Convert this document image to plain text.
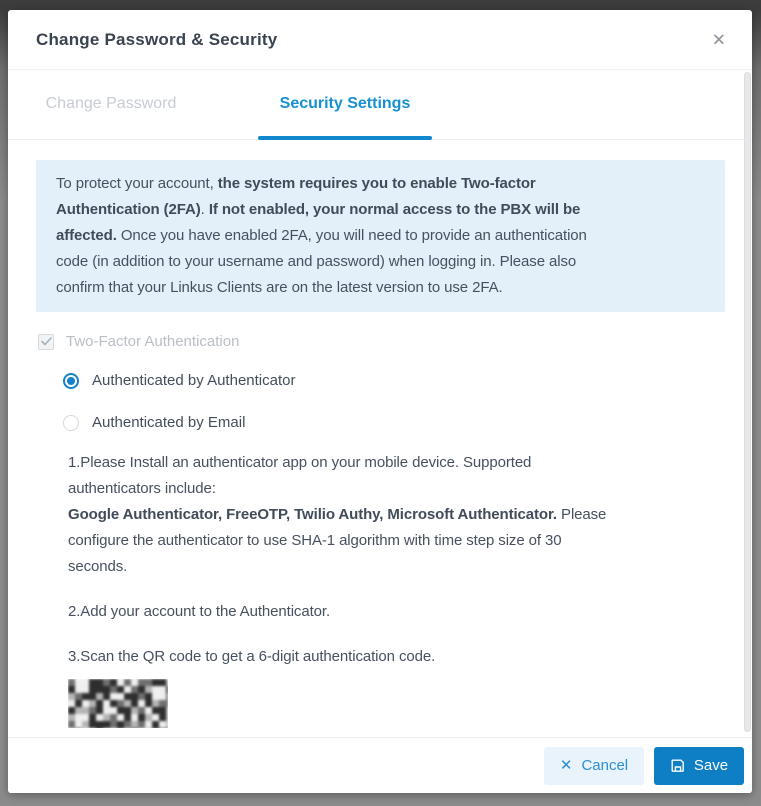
Change Password & Security	✕
Change Password	Security Settings
To protect your account, the system requires you to enable Two-factor
Authentication (2FA). If not enabled, your normal access to the PBX will be
affected. Once you have enabled 2FA, you will need to provide an authentication
code (in addition to your username and password) when logging in. Please also
confirm that your Linkus Clients are on the latest version to use 2FA.
Two-Factor Authentication
Authenticated by Authenticator
Authenticated by Email
1.Please Install an authenticator app on your mobile device. Supported
authenticators include:
Google Authenticator, FreeOTP, Twilio Authy, Microsoft Authenticator. Please
configure the authenticator to use SHA-1 algorithm with time step size of 30
seconds.
2.Add your account to the Authenticator.
3.Scan the QR code to get a 6-digit authentication code.
✕ Cancel	Save
